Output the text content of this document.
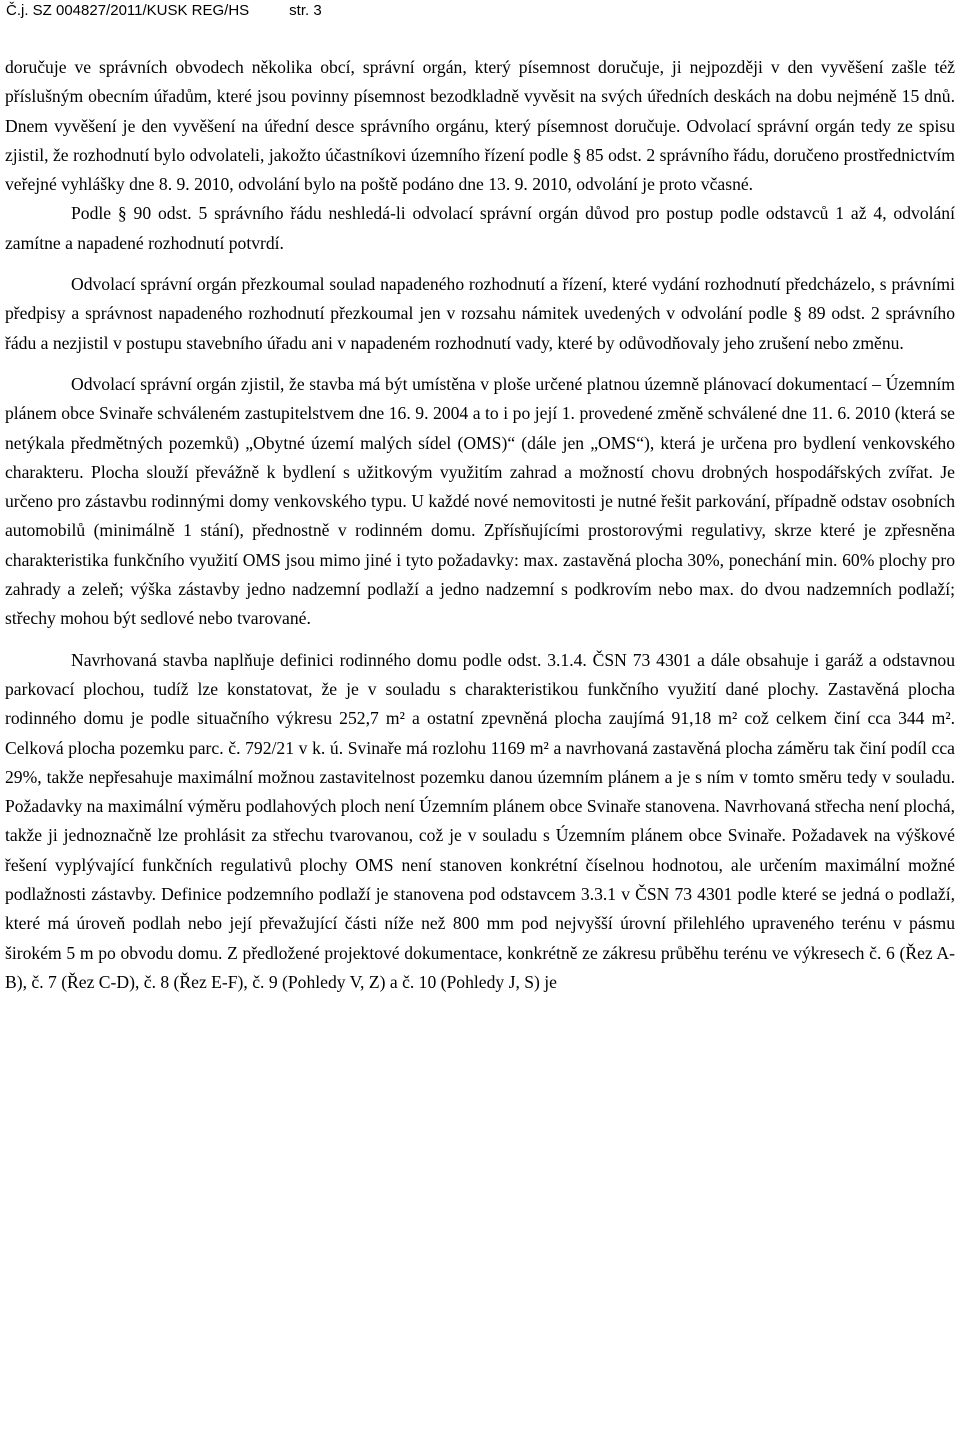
Č.j. SZ 004827/2011/KUSK REG/HS	str. 3

doručuje ve správních obvodech několika obcí, správní orgán, který písemnost doručuje, ji nejpozději v den vyvěšení zašle též příslušným obecním úřadům, které jsou povinny písemnost bezodkladně vyvěsit na svých úředních deskách na dobu nejméně 15 dnů. Dnem vyvěšení je den vyvěšení na úřední desce správního orgánu, který písemnost doručuje. Odvolací správní orgán tedy ze spisu zjistil, že rozhodnutí bylo odvolateli, jakožto účastníkovi územního řízení podle § 85 odst. 2 správního řádu, doručeno prostřednictvím veřejné vyhlášky dne 8. 9. 2010, odvolání bylo na poště podáno dne 13. 9. 2010, odvolání je proto včasné.

Podle § 90 odst. 5 správního řádu neshledá-li odvolací správní orgán důvod pro postup podle odstavců 1 až 4, odvolání zamítne a napadené rozhodnutí potvrdí.

Odvolací správní orgán přezkoumal soulad napadeného rozhodnutí a řízení, které vydání rozhodnutí předcházelo, s právními předpisy a správnost napadeného rozhodnutí přezkoumal jen v rozsahu námitek uvedených v odvolání podle § 89 odst. 2 správního řádu a nezjistil v postupu stavebního úřadu ani v napadeném rozhodnutí vady, které by odůvodňovaly jeho zrušení nebo změnu.

Odvolací správní orgán zjistil, že stavba má být umístěna v ploše určené platnou územně plánovací dokumentací – Územním plánem obce Svinaře schváleném zastupitelstvem dne 16. 9. 2004 a to i po její 1. provedené změně schválené dne 11. 6. 2010 (která se netýkala předmětných pozemků) „Obytné území malých sídel (OMS)“ (dále jen „OMS“), která je určena pro bydlení venkovského charakteru. Plocha slouží převážně k bydlení s užitkovým využitím zahrad a možností chovu drobných hospodářských zvířat. Je určeno pro zástavbu rodinnými domy venkovského typu. U každé nové nemovitosti je nutné řešit parkování, případně odstav osobních automobilů (minimálně 1 stání), přednostně v rodinném domu. Zpřísňujícími prostorovými regulativy, skrze které je zpřesněna charakteristika funkčního využití OMS jsou mimo jiné i tyto požadavky: max. zastavěná plocha 30%, ponechání min. 60% plochy pro zahrady a zeleň; výška zástavby jedno nadzemní podlaží a jedno nadzemní s podkrovím nebo max. do dvou nadzemních podlaží; střechy mohou být sedlové nebo tvarované.

Navrhovaná stavba naplňuje definici rodinného domu podle odst. 3.1.4. ČSN 73 4301 a dále obsahuje i garáž a odstavnou parkovací plochou, tudíž lze konstatovat, že je v souladu s charakteristikou funkčního využití dané plochy. Zastavěná plocha rodinného domu je podle situačního výkresu 252,7 m² a ostatní zpevněná plocha zaujímá 91,18 m² což celkem činí cca 344 m². Celková plocha pozemku parc. č. 792/21 v k. ú. Svinaře má rozlohu 1169 m² a navrhovaná zastavěná plocha záměru tak činí podíl cca 29%, takže nepřesahuje maximální možnou zastavitelnost pozemku danou územním plánem a je s ním v tomto směru tedy v souladu. Požadavky na maximální výměru podlahových ploch není Územním plánem obce Svinaře stanovena. Navrhovaná střecha není plochá, takže ji jednoznačně lze prohlásit za střechu tvarovanou, což je v souladu s Územním plánem obce Svinaře. Požadavek na výškové řešení vyplývající funkčních regulativů plochy OMS není stanoven konkrétní číselnou hodnotou, ale určením maximální možné podlažnosti zástavby. Definice podzemního podlaží je stanovena pod odstavcem 3.3.1 v ČSN 73 4301 podle které se jedná o podlaží, které má úroveň podlah nebo její převažující části níže než 800 mm pod nejvyšší úrovní přilehlého upraveného terénu v pásmu širokém 5 m po obvodu domu. Z předložené projektové dokumentace, konkrétně ze zákresu průběhu terénu ve výkresech č. 6 (Řez A-B), č. 7 (Řez C-D), č. 8 (Řez E-F), č. 9 (Pohledy V, Z) a č. 10 (Pohledy J, S) je
